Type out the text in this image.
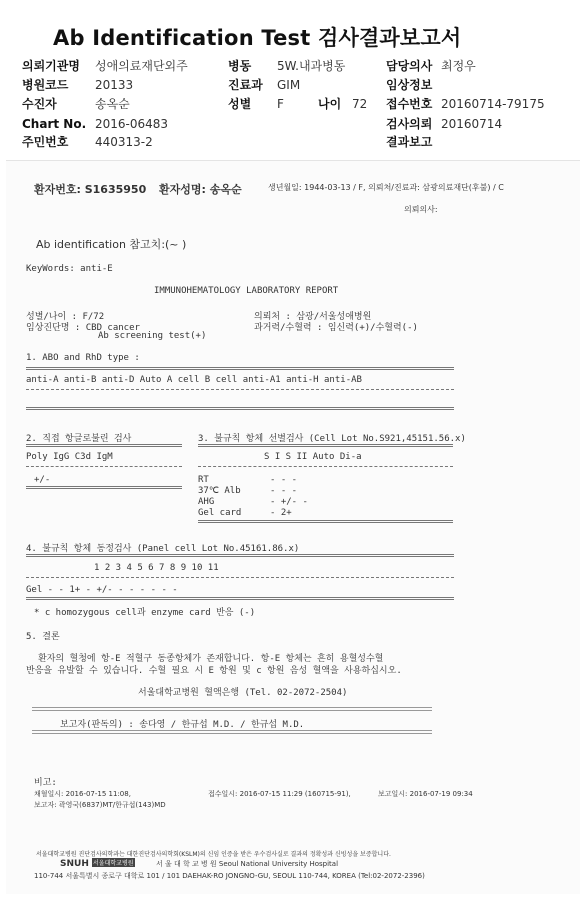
Ab Identification Test 검사결과보고서
의뢰기관명 성애의료재단외주
병원코드 20133
수진자	송옥순
Chart No. 2016-06483
주민번호 440313-2
병동 5W.내과병동
진료과 GIM
성별 F	나이 72
담당의사 최정우
임상정보
접수번호 20160714-79175
검사의뢰 20160714
결과보고
환자번호: S1635950 환자성명: 송옥순	생년월일: 1944-03-13 / F, 의뢰처/진료과: 삼광의료재단(후불) / C
의뢰의사:
Ab identification 참고치:(~ )
KeyWords: anti-E
IMMUNOHEMATOLOGY LABORATORY REPORT
성별/나이 : F/72	의뢰처 : 삼광/서울성애병원
임상진단명 : CBD cancer	과거력/수혈력 : 임신력(+)/수혈력(-)
Ab screening test(+)
1. ABO and RhD type :
anti-A anti-B anti-D Auto A cell B cell anti-A1 anti-H anti-AB
2. 직접 항글로불린 검사
Poly IgG C3d IgM
+/-
3. 불규칙 항체 선별검사 (Cell Lot No.S921,45151.56.x)
S I S II Auto Di-a
RT	- - -
37℃ Alb	- - -
AHG	- +/- -
Gel card	- 2+
4. 불규칙 항체 동정검사 (Panel cell Lot No.45161.86.x)
1 2 3 4 5 6 7 8 9 10 11
Gel - - 1+ - +/- - - - - - -
* c homozygous cell과 enzyme card 반응 (-)
5. 결론
환자의 혈청에 항-E 적혈구 동종항체가 존재합니다. 항-E 항체는 흔히 용혈성수혈
반응을 유발할 수 있습니다. 수혈 필요 시 E 항원 및 c 항원 음성 혈액을 사용하십시오.
서울대학교병원 혈액은행 (Tel. 02-2072-2504)
보고자(판독의) : 송다영 / 한규섭 M.D. / 한규섭 M.D.
비고:
채혈일시: 2016-07-15 11:08,	접수일시: 2016-07-15 11:29 (160715-91),	보고일시: 2016-07-19 09:34
보고자: 곽영국(6837)MT/한규섭(143)MD
서울대학교병원 진단검사의학과는 대한진단검사의학회(KSLM)의 신임 인증을 받은 우수검사실로 결과의 정확성과 신빙성을 보증합니다.
SNUH 서울대학교병원	서 울 대 학 교 병 원 Seoul National University Hospital
110-744 서울특별시 종로구 대학로 101 / 101 DAEHAK-RO JONGNO-GU, SEOUL 110-744, KOREA (Tel:02-2072-2396)
